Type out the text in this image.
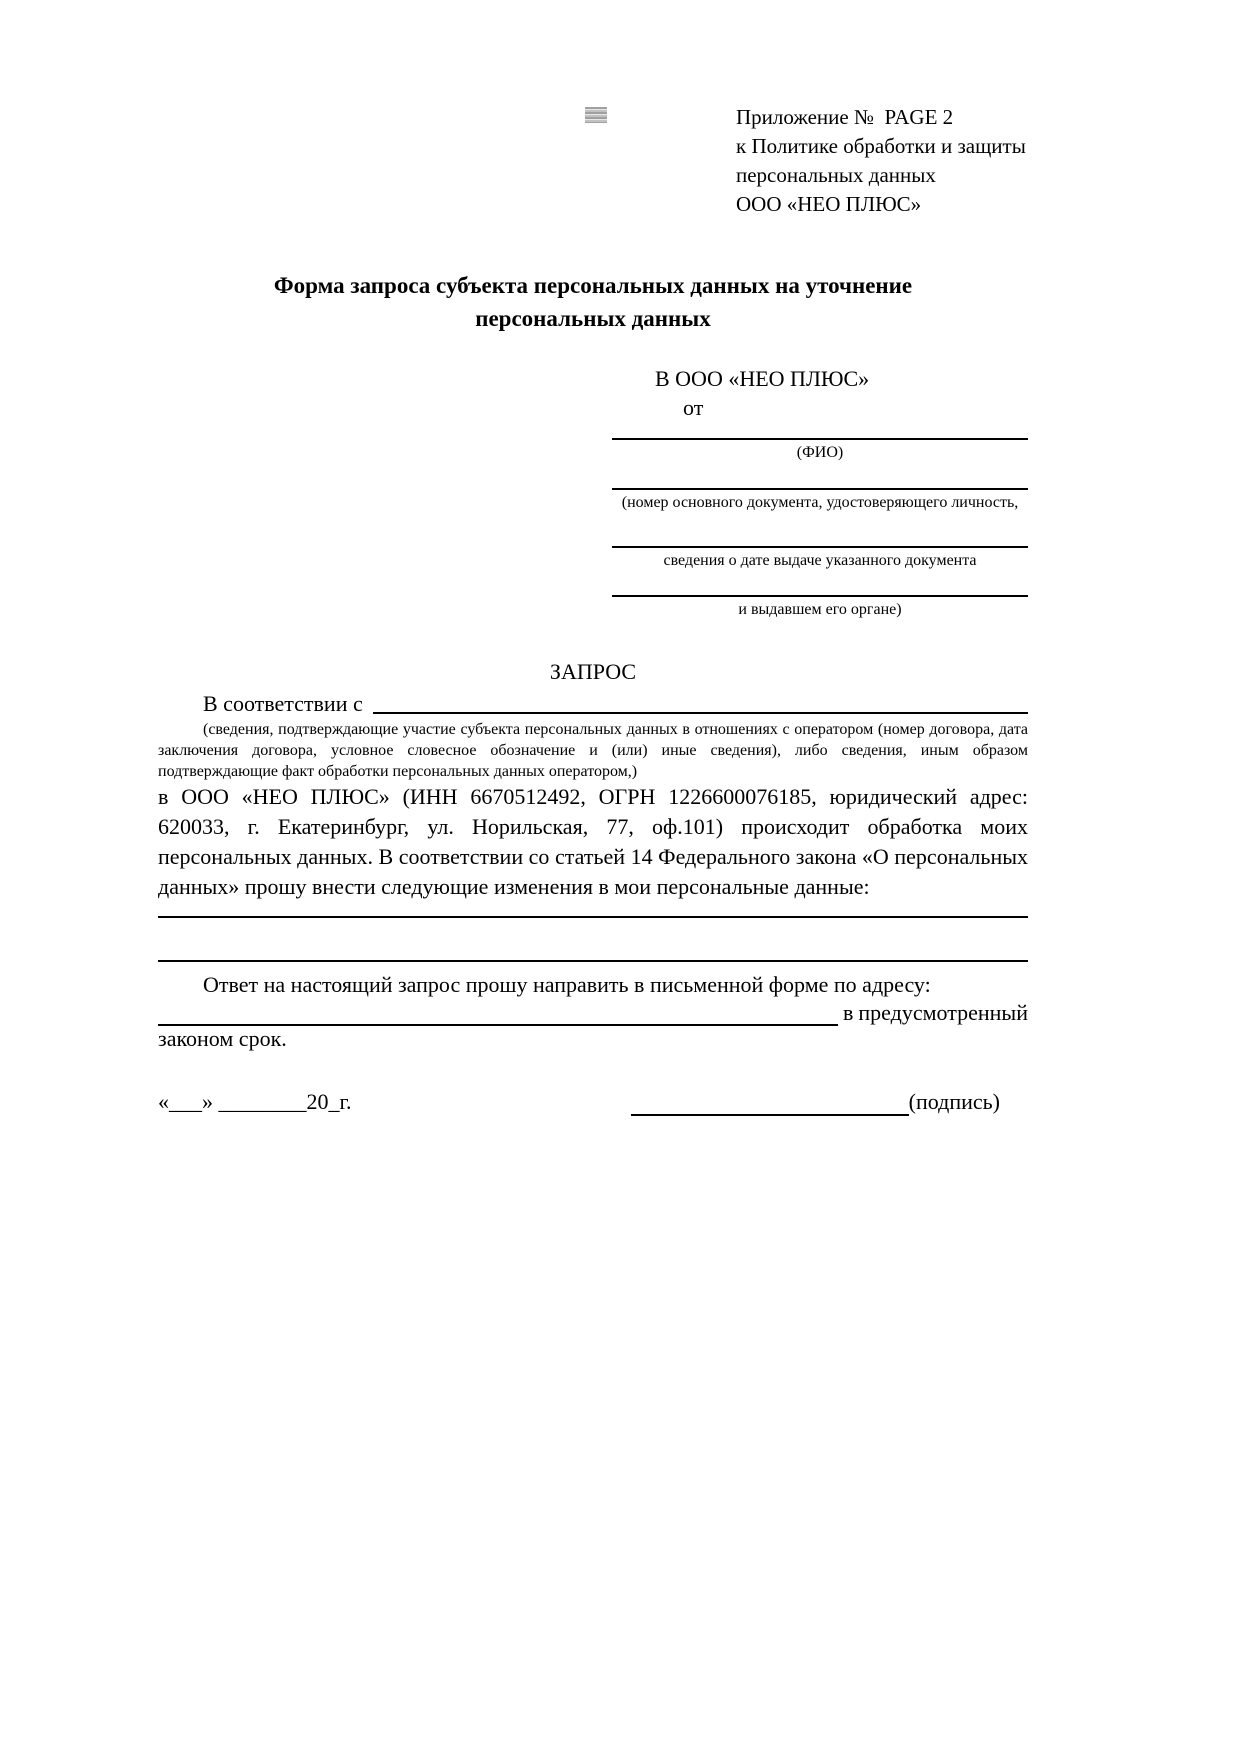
Приложение №  PAGE 2
к Политике обработки и защиты
персональных данных
ООО «НЕО ПЛЮС»
Форма запроса субъекта персональных данных на уточнение персональных данных
В ООО «НЕО ПЛЮС»
от
(ФИО)
(номер основного документа, удостоверяющего личность,
сведения о дате выдаче указанного документа
и выдавшем его органе)
ЗАПРОС
В соответствии с
(сведения, подтверждающие участие субъекта персональных данных в отношениях с оператором (номер договора, дата заключения договора, условное словесное обозначение и (или) иные сведения), либо сведения, иным образом подтверждающие факт обработки персональных данных оператором,)
в ООО «НЕО ПЛЮС» (ИНН 6670512492, ОГРН 1226600076185, юридический адрес: 620033, г. Екатеринбург, ул. Норильская, 77, оф.101) происходит обработка моих персональных данных. В соответствии со статьей 14 Федерального закона «О персональных данных» прошу внести следующие изменения в мои персональные данные:
Ответ на настоящий запрос прошу направить в письменной форме по адресу:
в предусмотренный
законом срок.
«___» ________20_г.	(подпись)
